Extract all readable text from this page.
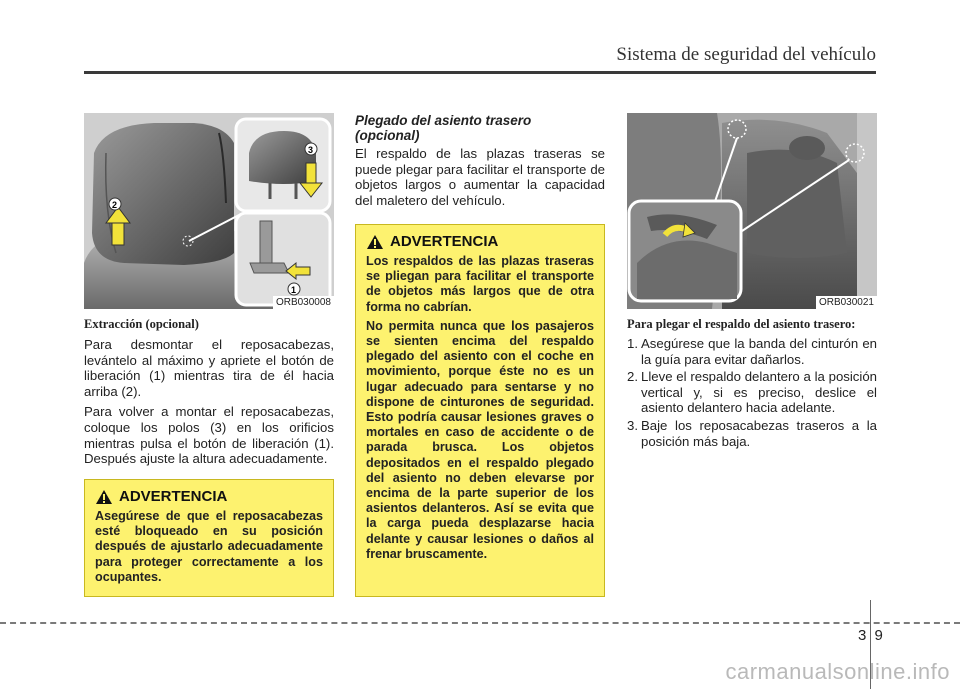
Sistema de seguridad del vehículo
2
3
1
ORB030008
Extracción (opcional)

Para desmontar el reposacabezas, levántelo al máximo y apriete el botón de liberación (1) mientras tira de él hacia arriba (2).

Para volver a montar el reposacabezas, coloque los polos (3) en los orificios mientras pulsa el botón de liberación (1). Después ajuste la altura adecuadamente.

ADVERTENCIA
Asegúrese de que el reposacabezas esté bloqueado en su posición después de ajustarlo adecuadamente para proteger correctamente a los ocupantes.
Plegado del asiento trasero
(opcional)

El respaldo de las plazas traseras se puede plegar para facilitar el transporte de objetos largos o aumentar la capacidad del maletero del vehículo.

ADVERTENCIA

Los respaldos de las plazas traseras se pliegan para facilitar el transporte de objetos más largos que de otra forma no cabrían.

No permita nunca que los pasajeros se sienten encima del respaldo plegado del asiento con el coche en movimiento, porque éste no es un lugar adecuado para sentarse y no dispone de cinturones de seguridad. Esto podría causar lesiones graves o mortales en caso de accidente o de parada brusca. Los objetos depositados en el respaldo plegado del asiento no deben elevarse por encima de la parte superior de los asientos delanteros. Así se evita que la carga pueda desplazarse hacia delante y causar lesiones o daños al frenar bruscamente.

ORB030021
Para plegar el respaldo del asiento trasero:
1. Asegúrese que la banda del cinturón en la guía para evitar dañarlos.
2. Lleve el respaldo delantero a la posición vertical y, si es preciso, deslice el asiento delantero hacia adelante.
3. Baje los reposacabezas traseros a la posición más baja.
3 9
carmanualsonline.info
